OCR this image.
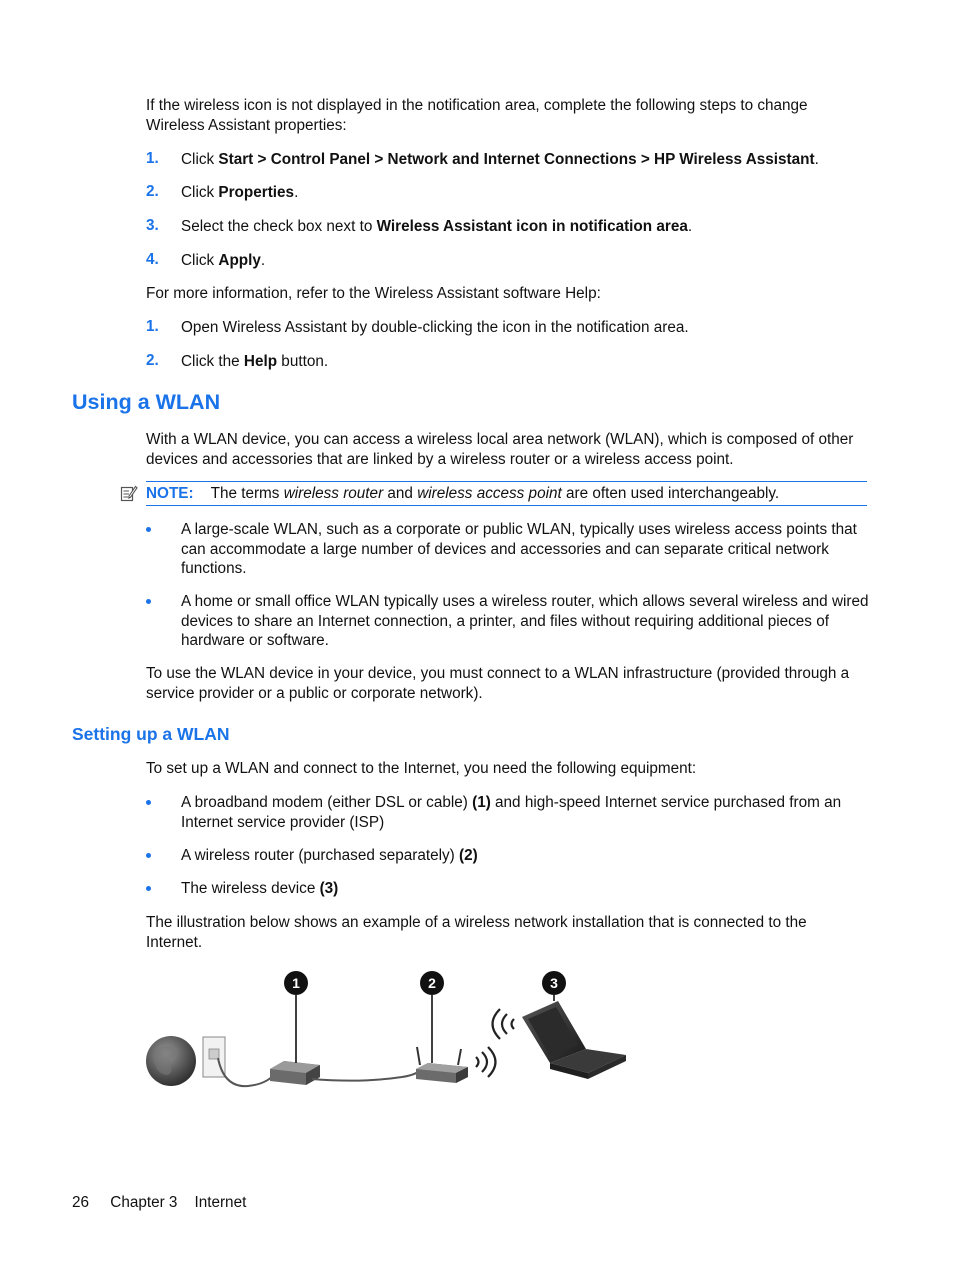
If the wireless icon is not displayed in the notification area, complete the following steps to change Wireless Assistant properties:

1. Click Start > Control Panel > Network and Internet Connections > HP Wireless Assistant.

2. Click Properties.

3. Select the check box next to Wireless Assistant icon in notification area.

4. Click Apply.

For more information, refer to the Wireless Assistant software Help:

1. Open Wireless Assistant by double-clicking the icon in the notification area.

2. Click the Help button.

Using a WLAN

With a WLAN device, you can access a wireless local area network (WLAN), which is composed of other devices and accessories that are linked by a wireless router or a wireless access point.

NOTE: The terms wireless router and wireless access point are often used interchangeably.

A large-scale WLAN, such as a corporate or public WLAN, typically uses wireless access points that can accommodate a large number of devices and accessories and can separate critical network functions.

A home or small office WLAN typically uses a wireless router, which allows several wireless and wired devices to share an Internet connection, a printer, and files without requiring additional pieces of hardware or software.

To use the WLAN device in your device, you must connect to a WLAN infrastructure (provided through a service provider or a public or corporate network).

Setting up a WLAN

To set up a WLAN and connect to the Internet, you need the following equipment:

A broadband modem (either DSL or cable) (1) and high-speed Internet service purchased from an Internet service provider (ISP)

A wireless router (purchased separately) (2)

The wireless device (3)

The illustration below shows an example of a wireless network installation that is connected to the Internet.

1	2	3
26 Chapter 3 Internet
